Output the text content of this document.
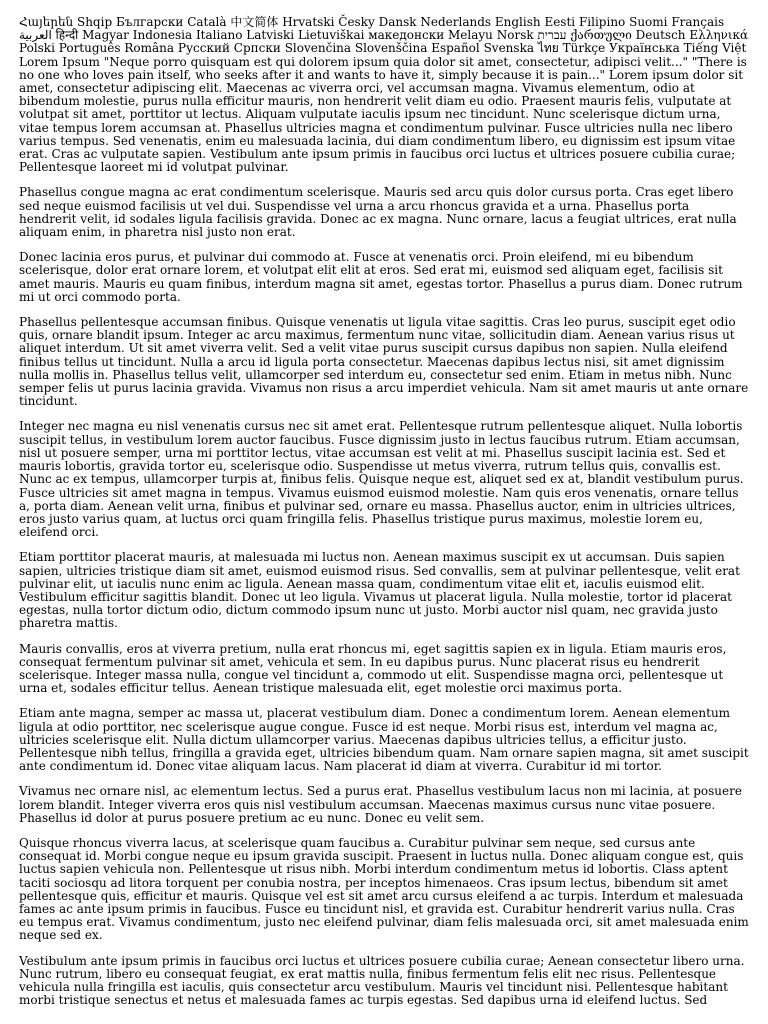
Հայերեն Shqip Български Català 中文简体 Hrvatski Česky Dansk Nederlands English Eesti Filipino Suomi Français العربية हिन्दी Magyar Indonesia Italiano Latviski Lietuviškai македонски Melayu Norsk עברית ქართული Deutsch Ελληνικά Polski Português Româna Русский Српски Slovenčina Slovenščina Español Svenska ไทย Türkçe Українська Tiếng Việt

Lorem Ipsum "Neque porro quisquam est qui dolorem ipsum quia dolor sit amet, consectetur, adipisci velit..." "There is no one who loves pain itself, who seeks after it and wants to have it, simply because it is pain..." Lorem ipsum dolor sit amet, consectetur adipiscing elit. Maecenas ac viverra orci, vel accumsan magna. Vivamus elementum, odio at bibendum molestie, purus nulla efficitur mauris, non hendrerit velit diam eu odio. Praesent mauris felis, vulputate at volutpat sit amet, porttitor ut lectus. Aliquam vulputate iaculis ipsum nec tincidunt. Nunc scelerisque dictum urna, vitae tempus lorem accumsan at. Phasellus ultricies magna et condimentum pulvinar. Fusce ultricies nulla nec libero varius tempus. Sed venenatis, enim eu malesuada lacinia, dui diam condimentum libero, eu dignissim est ipsum vitae erat. Cras ac vulputate sapien. Vestibulum ante ipsum primis in faucibus orci luctus et ultrices posuere cubilia curae; Pellentesque laoreet mi id volutpat pulvinar.

Phasellus congue magna ac erat condimentum scelerisque. Mauris sed arcu quis dolor cursus porta. Cras eget libero sed neque euismod facilisis ut vel dui. Suspendisse vel urna a arcu rhoncus gravida et a urna. Phasellus porta hendrerit velit, id sodales ligula facilisis gravida. Donec ac ex magna. Nunc ornare, lacus a feugiat ultrices, erat nulla aliquam enim, in pharetra nisl justo non erat.

Donec lacinia eros purus, et pulvinar dui commodo at. Fusce at venenatis orci. Proin eleifend, mi eu bibendum scelerisque, dolor erat ornare lorem, et volutpat elit elit at eros. Sed erat mi, euismod sed aliquam eget, facilisis sit amet mauris. Mauris eu quam finibus, interdum magna sit amet, egestas tortor. Phasellus a purus diam. Donec rutrum mi ut orci commodo porta.

Phasellus pellentesque accumsan finibus. Quisque venenatis ut ligula vitae sagittis. Cras leo purus, suscipit eget odio quis, ornare blandit ipsum. Integer ac arcu maximus, fermentum nunc vitae, sollicitudin diam. Aenean varius risus ut aliquet interdum. Ut sit amet viverra velit. Sed a velit vitae purus suscipit cursus dapibus non sapien. Nulla eleifend finibus tellus ut tincidunt. Nulla a arcu id ligula porta consectetur. Maecenas dapibus lectus nisi, sit amet dignissim nulla mollis in. Phasellus tellus velit, ullamcorper sed interdum eu, consectetur sed enim. Etiam in metus nibh. Nunc semper felis ut purus lacinia gravida. Vivamus non risus a arcu imperdiet vehicula. Nam sit amet mauris ut ante ornare tincidunt.

Integer nec magna eu nisl venenatis cursus nec sit amet erat. Pellentesque rutrum pellentesque aliquet. Nulla lobortis suscipit tellus, in vestibulum lorem auctor faucibus. Fusce dignissim justo in lectus faucibus rutrum. Etiam accumsan, nisl ut posuere semper, urna mi porttitor lectus, vitae accumsan est velit at mi. Phasellus suscipit lacinia est. Sed et mauris lobortis, gravida tortor eu, scelerisque odio. Suspendisse ut metus viverra, rutrum tellus quis, convallis est. Nunc ac ex tempus, ullamcorper turpis at, finibus felis. Quisque neque est, aliquet sed ex at, blandit vestibulum purus. Fusce ultricies sit amet magna in tempus. Vivamus euismod euismod molestie. Nam quis eros venenatis, ornare tellus a, porta diam. Aenean velit urna, finibus et pulvinar sed, ornare eu massa. Phasellus auctor, enim in ultricies ultrices, eros justo varius quam, at luctus orci quam fringilla felis. Phasellus tristique purus maximus, molestie lorem eu, eleifend orci.

Etiam porttitor placerat mauris, at malesuada mi luctus non. Aenean maximus suscipit ex ut accumsan. Duis sapien sapien, ultricies tristique diam sit amet, euismod euismod risus. Sed convallis, sem at pulvinar pellentesque, velit erat pulvinar elit, ut iaculis nunc enim ac ligula. Aenean massa quam, condimentum vitae elit et, iaculis euismod elit. Vestibulum efficitur sagittis blandit. Donec ut leo ligula. Vivamus ut placerat ligula. Nulla molestie, tortor id placerat egestas, nulla tortor dictum odio, dictum commodo ipsum nunc ut justo. Morbi auctor nisl quam, nec gravida justo pharetra mattis.

Mauris convallis, eros at viverra pretium, nulla erat rhoncus mi, eget sagittis sapien ex in ligula. Etiam mauris eros, consequat fermentum pulvinar sit amet, vehicula et sem. In eu dapibus purus. Nunc placerat risus eu hendrerit scelerisque. Integer massa nulla, congue vel tincidunt a, commodo ut elit. Suspendisse magna orci, pellentesque ut urna et, sodales efficitur tellus. Aenean tristique malesuada elit, eget molestie orci maximus porta.

Etiam ante magna, semper ac massa ut, placerat vestibulum diam. Donec a condimentum lorem. Aenean elementum ligula at odio porttitor, nec scelerisque augue congue. Fusce id est neque. Morbi risus est, interdum vel magna ac, ultricies scelerisque elit. Nulla dictum ullamcorper varius. Maecenas dapibus ultricies tellus, a efficitur justo. Pellentesque nibh tellus, fringilla a gravida eget, ultricies bibendum quam. Nam ornare sapien magna, sit amet suscipit ante condimentum id. Donec vitae aliquam lacus. Nam placerat id diam at viverra. Curabitur id mi tortor.

Vivamus nec ornare nisl, ac elementum lectus. Sed a purus erat. Phasellus vestibulum lacus non mi lacinia, at posuere lorem blandit. Integer viverra eros quis nisl vestibulum accumsan. Maecenas maximus cursus nunc vitae posuere. Phasellus id dolor at purus posuere pretium ac eu nunc. Donec eu velit sem.

Quisque rhoncus viverra lacus, at scelerisque quam faucibus a. Curabitur pulvinar sem neque, sed cursus ante consequat id. Morbi congue neque eu ipsum gravida suscipit. Praesent in luctus nulla. Donec aliquam congue est, quis luctus sapien vehicula non. Pellentesque ut risus nibh. Morbi interdum condimentum metus id lobortis. Class aptent taciti sociosqu ad litora torquent per conubia nostra, per inceptos himenaeos. Cras ipsum lectus, bibendum sit amet pellentesque quis, efficitur et mauris. Quisque vel est sit amet arcu cursus eleifend a ac turpis. Interdum et malesuada fames ac ante ipsum primis in faucibus. Fusce eu tincidunt nisl, et gravida est. Curabitur hendrerit varius nulla. Cras eu tempus erat. Vivamus condimentum, justo nec eleifend pulvinar, diam felis malesuada orci, sit amet malesuada enim neque sed ex.

Vestibulum ante ipsum primis in faucibus orci luctus et ultrices posuere cubilia curae; Aenean consectetur libero urna. Nunc rutrum, libero eu consequat feugiat, ex erat mattis nulla, finibus fermentum felis elit nec risus. Pellentesque vehicula nulla fringilla est iaculis, quis consectetur arcu vestibulum. Mauris vel tincidunt nisi. Pellentesque habitant morbi tristique senectus et netus et malesuada fames ac turpis egestas. Sed dapibus urna id eleifend luctus. Sed
